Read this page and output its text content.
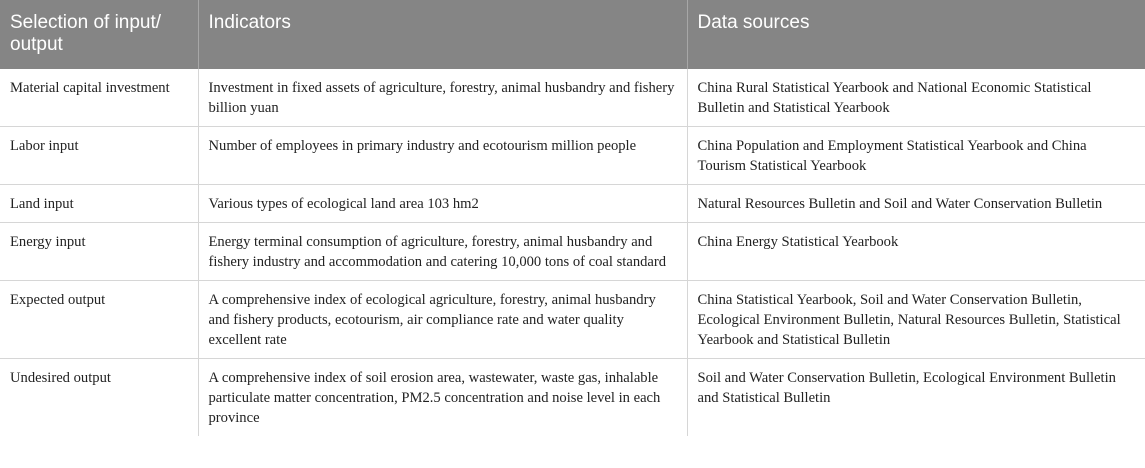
Selection of input/ output	Indicators	Data sources
Material capital investment	Investment in fixed assets of agriculture, forestry, animal husbandry and fishery billion yuan	China Rural Statistical Yearbook and National Economic Statistical Bulletin and Statistical Yearbook
Labor input	Number of employees in primary industry and ecotourism million people	China Population and Employment Statistical Yearbook and China Tourism Statistical Yearbook
Land input	Various types of ecological land area 103 hm2	Natural Resources Bulletin and Soil and Water Conservation Bulletin
Energy input	Energy terminal consumption of agriculture, forestry, animal husbandry and fishery industry and accommodation and catering 10,000 tons of coal standard	China Energy Statistical Yearbook
Expected output	A comprehensive index of ecological agriculture, forestry, animal husbandry and fishery products, ecotourism, air compliance rate and water quality excellent rate	China Statistical Yearbook, Soil and Water Conservation Bulletin, Ecological Environment Bulletin, Natural Resources Bulletin, Statistical Yearbook and Statistical Bulletin
Undesired output	A comprehensive index of soil erosion area, wastewater, waste gas, inhalable particulate matter concentration, PM2.5 concentration and noise level in each province	Soil and Water Conservation Bulletin, Ecological Environment Bulletin and Statistical Bulletin
